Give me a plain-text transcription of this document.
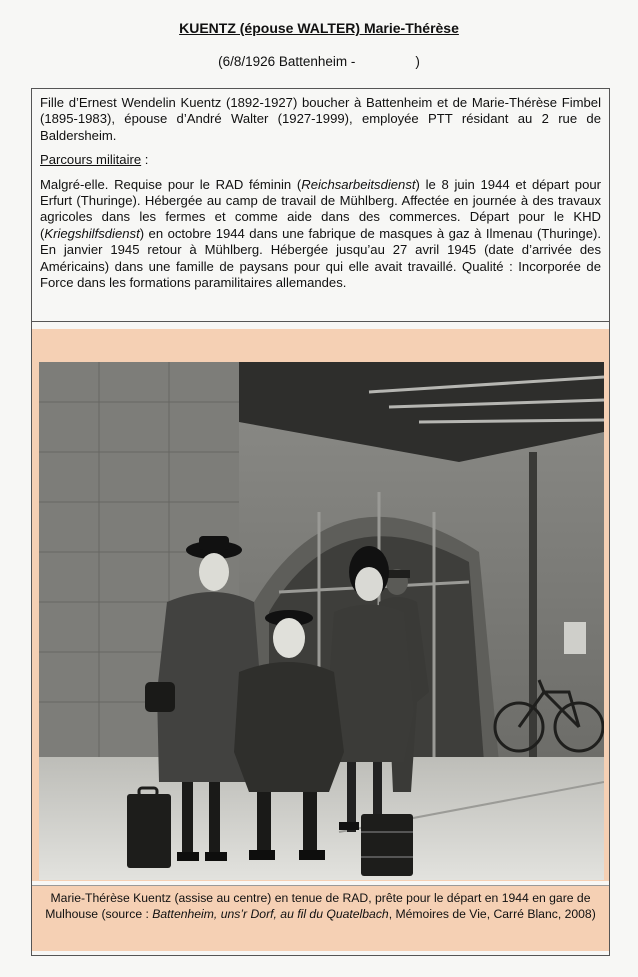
KUENTZ (épouse WALTER) Marie-Thérèse
(6/8/1926 Battenheim -                )

Fille d’Ernest Wendelin Kuentz (1892-1927) boucher à Battenheim et de Marie-Thérèse Fimbel (1895-1983), épouse d’André Walter (1927-1999), employée PTT résidant au 2 rue de Baldersheim.

Parcours militaire :

Malgré-elle. Requise pour le RAD féminin (Reichsarbeitsdienst) le 8 juin 1944 et départ pour Erfurt (Thuringe). Hébergée au camp de travail de Mühlberg. Affectée en journée à des travaux agricoles dans les fermes et comme aide dans des commerces. Départ pour le KHD (Kriegshilfsdienst) en octobre 1944 dans une fabrique de masques à gaz à Ilmenau (Thuringe). En janvier 1945 retour à Mühlberg. Hébergée jusqu’au 27 avril 1945 (date d’arrivée des Américains) dans une famille de paysans pour qui elle avait travaillé. Qualité : Incorporée de Force dans les formations paramilitaires allemandes.

Marie-Thérèse Kuentz (assise au centre) en tenue de RAD, prête pour le départ en 1944 en gare de Mulhouse (source : Battenheim, uns’r Dorf, au fil du Quatelbach, Mémoires de Vie, Carré Blanc, 2008)
